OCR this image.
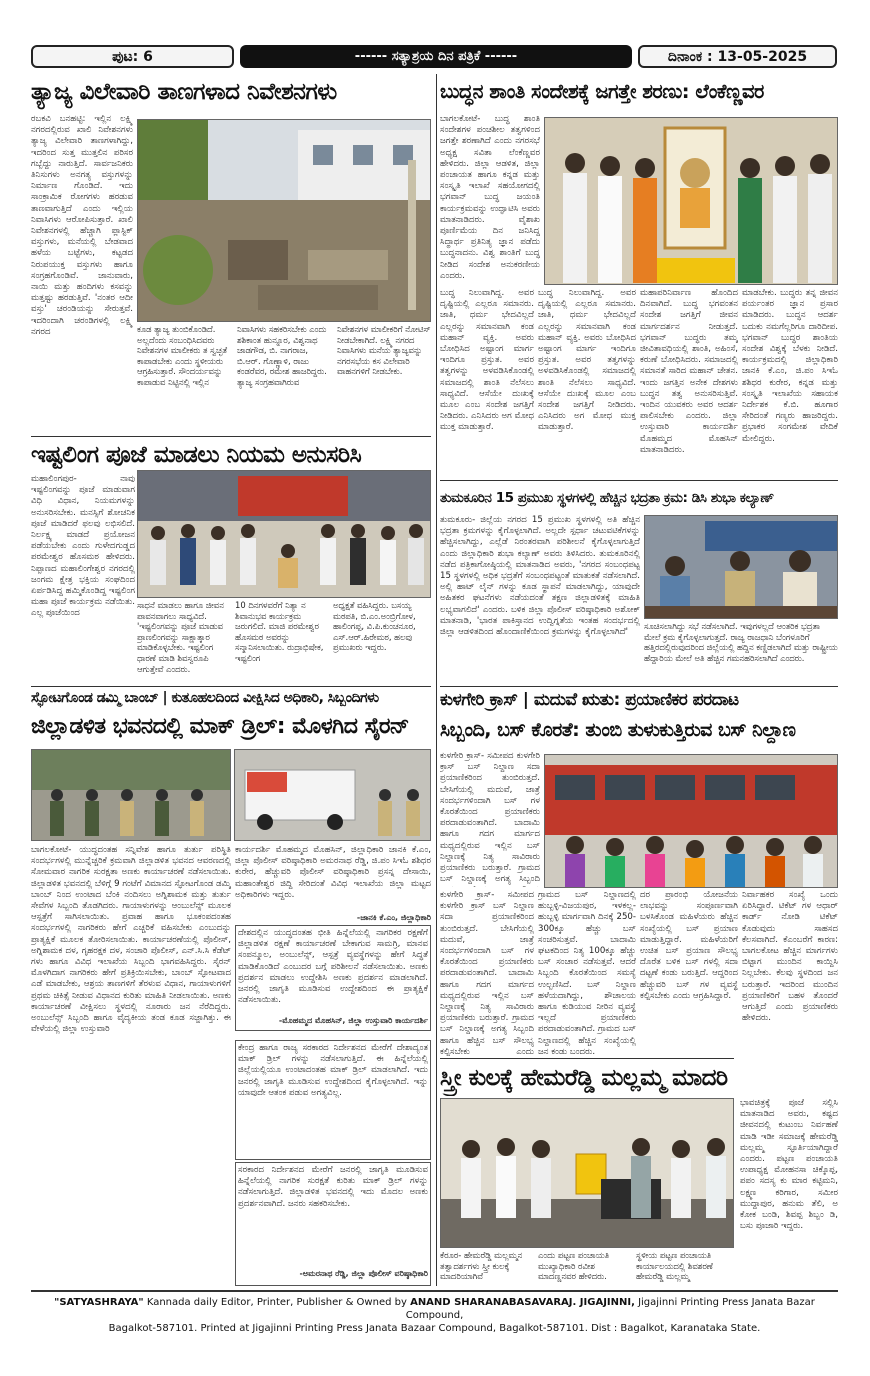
ಪುಟ: 6	------ ಸತ್ಯಾಶ್ರಯ ದಿನ ಪತ್ರಿಕೆ ------	ದಿನಾಂಕ : 13-05-2025
ತ್ಯಾಜ್ಯ ವಿಲೇವಾರಿ ತಾಣಗಳಾದ ನಿವೇಶನಗಳು
ರಬಕವಿ ಬನಹಟ್ಟಿ: ಇಲ್ಲಿನ ಲಕ್ಷ್ಮಿ ನಗರದಲ್ಲಿರುವ ಖಾಲಿ ನಿವೇಶನಗಳು ತ್ಯಾಜ್ಯ ವಿಲೇವಾರಿ ತಾಣಗಳಾಗಿದ್ದು, ಇದರಿಂದ ಸುತ್ತ ಮುತ್ತಲಿನ ಪರಿಸರ ಗಬ್ಬೆದ್ದು ನಾರುತ್ತಿದೆ. ಸಾರ್ವಜನಿಕರು ತಿನಿಸುಗಳು ಅನಗತ್ಯ ವಸ್ತುಗಳನ್ನು ನಿರ್ಮಾಣ ಗೊಂಡಿದೆ. ಇದು ಸಾಂಕ್ರಾಮಿಕ ರೋಗಗಳು ಹರಡುವ ತಾಣವಾಗುತ್ತಿದೆ ಎಂದು ಇಲ್ಲಿಯ ನಿವಾಸಿಗಳು ಆರೋಪಿಸುತ್ತಾರೆ. ಖಾಲಿ ನಿವೇಶನಗಳಲ್ಲಿ ಹೆಚ್ಚಾಗಿ ಪ್ಲಾಸ್ಟಿಕ್ ವಸ್ತುಗಳು, ಮನೆಯಲ್ಲಿ ಬೇಡವಾದ ಹಳೆಯ ಬಟ್ಟೆಗಳು, ಕಟ್ಟಡದ ನಿರುಪಯುಕ್ತ ವಸ್ತುಗಳು ಹಾಗೂ ಸಂಗ್ರಹಗೊಂಡಿವೆ. ಜಾನುವಾರು, ನಾಯಿ ಮತ್ತು ಹಂದಿಗಳು ಕಸವನ್ನು ಮತ್ತಷ್ಟು ಹರಡುತ್ತಿವೆ. 'ನಂತರ ಆದೀ ವಸ್ತು' ಚರಂಡಿಯನ್ನು ಸೇರುತ್ತವೆ. ಇದರಿಂದಾಗಿ ಚರಂಡಿಗಳಲ್ಲಿ ಲಕ್ಷ್ಮಿ ನಗರದ	ಕೂಡ ತ್ಯಾಜ್ಯ ತುಂಬಿಕೊಂಡಿದೆ. ಅಲ್ಲದೆಂದು ಸಂಬಂಧಿಸಿದವರು ನಿವೇಶನಗಳ ಮಾಲೀಕರು ತ ಸ್ವಚ್ಛತೆ ಕಾಪಾಡಬೇಕು ಎಂದು ಸ್ಥಳೀಯರು ಆಗ್ರಹಿಸುತ್ತಾರೆ. ಸೌಂದರ್ಯವನ್ನು ಕಾಪಾಡುವ ನಿಟ್ಟಿನಲ್ಲಿ ಇಲ್ಲಿನ ನಿವಾಸಿಗಳು ಸಹಕರಿಸಬೇಕು ಎಂದು ಶಶಿಕಾಂತ ಹುನ್ನೂರ, ವಿಶ್ವನಾಥ ಜಾಡಗೌಡ, ಬಿ. ನಾಗರಾಜ, ಬಿ.ಆರ್. ಗೊಣ್ಣಾಳಿ, ರಾಜು ಕಂಡರೆವರ, ರಮೇಶ ಹಾಜರಿದ್ದರು. ತ್ಯಾಜ್ಯ ಸಂಗ್ರಹವಾಗಿರುವ ನಿವೇಶನಗಳ ಮಾಲೀಕರಿಗೆ ನೋಟಿಸ್ ನೀಡಬೇಕಾಗಿದೆ. ಲಕ್ಷ್ಮಿ ನಗರದ ನಿವಾಸಿಗಳು ಮನೆಯ ತ್ಯಾಜ್ಯವನ್ನು ನಗರಸಭೆಯ ಕಸ ವಿಲೇವಾರಿ ವಾಹನಗಳಿಗೆ ನೀಡಬೇಕು.
ಇಷ್ಟಲಿಂಗ ಪೂಜೆ ಮಾಡಲು ನಿಯಮ ಅನುಸರಿಸಿ
ಮಹಾಲಿಂಗಪುರ- ನಾವು ಇಷ್ಟಲಿಂಗವನ್ನು ಪೂಜೆ ಮಾಡುವಾಗ ವಿಧಿ ವಿಧಾನ, ನಿಯಮಗಳನ್ನು ಅನುಸರಿಸಬೇಕು. ಮನಸ್ಸಿಗೆ ಶೋಚನಿಕ ಪೂಜೆ ಮಾಡಿದರೆ ಫಲವು ಲಭಿಸಲಿದೆ. ನಿರ್ಲಕ್ಷ್ಯ ಮಾಡದೆ ಪ್ರಯೋಜನ ಪಡೆಯಬೇಕು ಎಂದು ಗುಳೇದಗುಡ್ಡದ ಪರಮೇಶ್ವರ ಹೊಸಮಠ ಹೇಳಿದರು. ನಿಪ್ಪಾಣದ ಮಹಾಲಿಂಗೇಶ್ವರ ನಗರದಲ್ಲಿ ಜಂಗಮ ಕ್ಷೇತ್ರ ಭಕ್ತಿಯ ಸಂಘದಿಂದ ಏರ್ಪಡಿಸಿದ್ದ ಹಮ್ಮಿಕೊಂಡಿದ್ದ ಇಷ್ಟಲಿಂಗ ಮಹಾ ಪೂಜೆ ಕಾರ್ಯಕ್ರಮ ನಡೆಯಿತು. ಎಲ್ಲ ಪೂಜೆಯಿಂದ
ಸಾಧನೆ ಮಾಡಲು ಹಾಗೂ ಜೀವನ ಪಾವನವಾಗಲು ಸಾಧ್ಯವಿದೆ. 'ಇಷ್ಟಲಿಂಗವನ್ನು ಪೂಜೆ ಮಾಡುವ ಪ್ರಾಣಲಿಂಗವನ್ನು ಸಾಕ್ಷಾತ್ಕಾರ ಮಾಡಿಕೊಳ್ಳಬೇಕು. ಇಷ್ಟಲಿಂಗ ಧಾರಣೆ ಮಾಡಿ ಶಿವಸ್ವರೂಪಿ ಆಗುತ್ತೇವೆ ಎಂದರು.
10 ದಿನಗಳವರೆಗೆ ನಿತ್ಯಾ ನ ಶಿವಾನುಭವ ಕಾರ್ಯಕ್ರಮ ಜರುಗಲಿದೆ. ಮಾಜಿ ಪರಮೇಶ್ವರ ಹೊಸಮಠ ಅವರನ್ನು ಸನ್ಮಾನಿಸಲಾಯಿತು. ರುದ್ರಾಭಿಷೇಕ, ಇಷ್ಟಲಿಂಗ
ಅಧ್ಯಕ್ಷತೆ ವಹಿಸಿದ್ದರು. ಬಸಯ್ಯ ಮಠಪತಿ, ಬಿ.ಎಂ.ಅಂಬ್ರಿಗೋಳ, ಹಾಲಿಂಗಪ್ಪ, ವಿ.ಪಿ.ಕುಂಚನೂರ, ಎಸ್.ಆರ್.ಹಿರೇಮಠ, ಹಲವು ಪ್ರಮುಖರು ಇದ್ದರು.
ಸ್ಫೋಟಗೊಂಡ ಡಮ್ಮಿ ಬಾಂಬ್ | ಕುತೂಹಲದಿಂದ ವೀಕ್ಷಿಸಿದ ಅಧಿಕಾರಿ, ಸಿಬ್ಬಂದಿಗಳು
ಜಿಲ್ಲಾಡಳಿತ ಭವನದಲ್ಲಿ ಮಾಕ್ ಡ್ರಿಲ್: ಮೊಳಗಿದ ಸೈರನ್
ಬಾಗಲಕೋಟೆ- ಯುದ್ಧದಂತಹ ಸನ್ನಿವೇಶ ಹಾಗೂ ತುರ್ತು ಪರಿಸ್ಥಿತಿ ಸಂದರ್ಭಗಳಲ್ಲಿ ಮುನ್ನೆಚ್ಚರಿಕೆ ಕ್ರಮವಾಗಿ ಜಿಲ್ಲಾಡಳಿತ ಭವನದ ಆವರಣದಲ್ಲಿ ಸೋಮವಾರ ನಾಗರಿಕ ಸುರಕ್ಷತಾ ಅಣಕು ಕಾರ್ಯಾಚರಣೆ ನಡೆಸಲಾಯಿತು. ಜಿಲ್ಲಾಡಳಿತ ಭವನದಲ್ಲಿ ಬೆಳಿಗ್ಗೆ 9 ಗಂಟೆಗೆ ವಿಮಾನದ ಸ್ಫೋಟಗೊಂಡ ಡಮ್ಮಿ ಬಾಂಬ್ ನಿಂದ ಉಂಟಾದ ಬೆಂಕಿ ನಂದಿಸಲು ಅಗ್ನಿಶಾಮಕ ಮತ್ತು ತುರ್ತು ಸೇವೆಗಳ ಸಿಬ್ಬಂದಿ ತೊಡಗಿದರು. ಗಾಯಾಳುಗಳನ್ನು ಆಂಬುಲೆನ್ಸ್ ಮೂಲಕ ಆಸ್ಪತ್ರೆಗೆ ಸಾಗಿಸಲಾಯಿತು. ಪ್ರವಾಹ ಹಾಗೂ ಭೂಕಂಪದಂತಹ ಸಂದರ್ಭಗಳಲ್ಲಿ ನಾಗರಿಕರು ಹೇಗೆ ಎಚ್ಚರಿಕೆ ವಹಿಸಬೇಕು ಎಂಬುದನ್ನು ಪ್ರಾತ್ಯಕ್ಷಿಕೆ ಮೂಲಕ ತೋರಿಸಲಾಯಿತು. ಕಾರ್ಯಾಚರಣೆಯಲ್ಲಿ ಪೊಲೀಸ್, ಅಗ್ನಿಶಾಮಕ ದಳ, ಗೃಹರಕ್ಷಕ ದಳ, ಸಂಚಾರಿ ಪೊಲೀಸ್, ಎನ್.ಸಿ.ಸಿ ಕೆಡೆಟ್ ಗಳು ಹಾಗೂ ವಿವಿಧ ಇಲಾಖೆಯ ಸಿಬ್ಬಂದಿ ಭಾಗವಹಿಸಿದ್ದರು. ಸೈರನ್ ಮೊಳಗಿದಾಗ ನಾಗರಿಕರು ಹೇಗೆ ಪ್ರತಿಕ್ರಿಯಿಸಬೇಕು, ಬಾಂಬ್ ಸ್ಫೋಟವಾದ ಎಡೆ ಮಾಡಬೇಕು, ಆಶ್ರಯ ತಾಣಗಳಿಗೆ ತೆರಳುವ ವಿಧಾನ, ಗಾಯಾಳುಗಳಿಗೆ ಪ್ರಥಮ ಚಿಕಿತ್ಸೆ ನೀಡುವ ವಿಧಾನದ ಕುರಿತು ಮಾಹಿತಿ ನೀಡಲಾಯಿತು. ಅಣಕು ಕಾರ್ಯಾಚರಣೆ ವೀಕ್ಷಿಸಲು ಸ್ಥಳದಲ್ಲಿ ನೂರಾರು ಜನ ನೆರೆದಿದ್ದರು. ಅಂಬುಲೆನ್ಸ್ ಸಿಬ್ಬಂದಿ ಹಾಗೂ ವೈದ್ಯಕೀಯ ತಂಡ ಕೂಡ ಸಜ್ಜಾಗಿತ್ತು. ಈ ವೇಳೆಯಲ್ಲಿ ಜಿಲ್ಲಾ ಉಸ್ತುವಾರಿ
ಕಾರ್ಯದರ್ಶಿ ಮೊಹಮ್ಮದ ಮೊಹಸಿನ್, ಜಿಲ್ಲಾಧಿಕಾರಿ ಜಾನಕಿ ಕೆ.ಎಂ, ಜಿಲ್ಲಾ ಪೊಲೀಸ್ ವರಿಷ್ಠಾಧಿಕಾರಿ ಅಮರನಾಥ ರೆಡ್ಡಿ, ಜಿ.ಪಂ ಸಿಇಓ ಶಶಿಧರ ಕುರೇರ, ಹೆಚ್ಚುವರಿ ಪೊಲೀಸ್ ವರಿಷ್ಠಾಧಿಕಾರಿ ಪ್ರಸನ್ನ ದೇಸಾಯಿ, ಮಹಾಂತೇಶ್ವರ ಜಿದ್ದಿ ಸೇರಿದಂತೆ ವಿವಿಧ ಇಲಾಖೆಯ ಜಿಲ್ಲಾ ಮಟ್ಟದ ಅಧಿಕಾರಿಗಳು ಇದ್ದರು.
-ಜಾನಕಿ ಕೆ.ಎಂ, ಜಿಲ್ಲಾಧಿಕಾರಿ
ದೇಶದಲ್ಲಿನ ಯುದ್ಧದಂತಹ ಭೀತಿ ಹಿನ್ನೆಲೆಯಲ್ಲಿ ನಾಗರಿಕರ ರಕ್ಷಣೆಗೆ ಜಿಲ್ಲಾಡಳಿತ ರಕ್ಷಣೆ ಕಾರ್ಯಾಚರಣೆ ಬೇಕಾಗುವ ಸಾಮಗ್ರಿ, ಮಾನವ ಸಂಪನ್ಮೂಲ, ಅಂಬುಲೆನ್ಸ್, ಆಸ್ಪತ್ರೆ ವ್ಯವಸ್ಥೆಗಳನ್ನು ಹೇಗೆ ಸಿದ್ಧತೆ ಮಾಡಿಕೊಂಡಿದೆ ಎಂಬುದರ ಬಗ್ಗೆ ಪರಿಶೀಲನೆ ನಡೆಸಲಾಯಿತು. ಅಣಕು ಪ್ರದರ್ಶನ ಮಾಡಲು ಉದ್ದೇಶಿಸಿ ಅಣಕು ಪ್ರದರ್ಶನ ಮಾಡಲಾಗಿದೆ. ಜನರಲ್ಲಿ ಜಾಗೃತಿ ಮೂಡಿಸುವ ಉದ್ದೇಶದಿಂದ ಈ ಪ್ರಾತ್ಯಕ್ಷಿಕೆ ನಡೆಸಲಾಯಿತು.
-ಮೊಹಮ್ಮದ ಮೊಹಸಿನ್, ಜಿಲ್ಲಾ ಉಸ್ತುವಾರಿ ಕಾರ್ಯದರ್ಶಿ
ಕೇಂದ್ರ ಹಾಗೂ ರಾಜ್ಯ ಸರಕಾರದ ನಿರ್ದೇಶನದ ಮೇರೆಗೆ ದೇಶಾದ್ಯಂತ ಮಾಕ್ ಡ್ರಿಲ್ ಗಳನ್ನು ನಡೆಸಲಾಗುತ್ತಿದೆ. ಈ ಹಿನ್ನೆಲೆಯಲ್ಲಿ ಜಿಲ್ಲೆಯಲ್ಲಿಯೂ ಉಂಟಾದಂತಹ ಮಾಕ್ ಡ್ರಿಲ್ ಮಾಡಲಾಗಿದೆ. ಇದು ಜನರಲ್ಲಿ ಜಾಗೃತಿ ಮೂಡಿಸುವ ಉದ್ದೇಶದಿಂದ ಕೈಗೊಳ್ಳಲಾಗಿದೆ. ಇನ್ನು ಯಾವುದೇ ಆತಂಕ ಪಡುವ ಅಗತ್ಯವಿಲ್ಲ.
ಸರಕಾರದ ನಿರ್ದೇಶನದ ಮೇರೆಗೆ ಜನರಲ್ಲಿ ಜಾಗೃತಿ ಮೂಡಿಸುವ ಹಿನ್ನೆಲೆಯಲ್ಲಿ ನಾಗರಿಕ ಸುರಕ್ಷತೆ ಕುರಿತು ಮಾಕ್ ಡ್ರಿಲ್ ಗಳನ್ನು ನಡೆಸಲಾಗುತ್ತಿದೆ. ಜಿಲ್ಲಾಡಳಿತ ಭವನದಲ್ಲಿ ಇದು ಮೊದಲ ಅಣಕು ಪ್ರದರ್ಶನವಾಗಿದೆ. ಜನರು ಸಹಕರಿಸಬೇಕು.
-ಅಮರನಾಥ ರೆಡ್ಡಿ, ಜಿಲ್ಲಾ ಪೊಲೀಸ್ ವರಿಷ್ಠಾಧಿಕಾರಿ
ಬುದ್ಧನ ಶಾಂತಿ ಸಂದೇಶಕ್ಕೆ ಜಗತ್ತೇ ಶರಣು: ಲೆಂಕೆಣ್ಣವರ
ಬಾಗಲಕೋಟೆ- ಬುದ್ಧ ಶಾಂತಿ ಸಂದೇಶಗಳ ಪಂಚಶೀಲ ತತ್ವಗಳಿಂದ ಜಗತ್ತೇ ಶರಣಾಗಿದೆ ಎಂದು ನಗರಸಭೆ ಅಧ್ಯಕ್ಷ ಸವಿತಾ ಲೆಂಕೆಣ್ಣವರ ಹೇಳಿದರು. ಜಿಲ್ಲಾ ಆಡಳಿತ, ಜಿಲ್ಲಾ ಪಂಚಾಯತ ಹಾಗೂ ಕನ್ನಡ ಮತ್ತು ಸಂಸ್ಕೃತಿ ಇಲಾಖೆ ಸಹಯೋಗದಲ್ಲಿ ಭಗವಾನ್ ಬುದ್ಧ ಜಯಂತಿ ಕಾರ್ಯಕ್ರಮವನ್ನು ಉದ್ಘಾಟಿಸಿ ಅವರು ಮಾತನಾಡಿದರು. ವೈಶಾಖ ಪೂರ್ಣಿಮೆಯ ದಿನ ಜನಿಸಿದ್ದ ಸಿದ್ಧಾರ್ಥ ಪ್ರತಿನಿತ್ಯ ಜ್ಞಾನ ಪಡೆದು ಬುದ್ಧನಾದನು. ವಿಶ್ವ ಶಾಂತಿಗೆ ಬುದ್ಧ ನೀಡಿದ ಸಂದೇಶ ಅನುಕರಣೀಯ ಎಂದರು.
ಬುದ್ಧ ನಿಲುವಾಗಿದ್ದ. ಅವರ ದೃಷ್ಟಿಯಲ್ಲಿ ಎಲ್ಲರೂ ಸಮಾನರು. ಜಾತಿ, ಧರ್ಮ ಭೇದವಿಲ್ಲದೆ ಎಲ್ಲರನ್ನು ಸಮಾನವಾಗಿ ಕಂಡ ಮಹಾನ್ ವ್ಯಕ್ತಿ. ಅವರು ಬೋಧಿಸಿದ ಅಷ್ಟಾಂಗ ಮಾರ್ಗ ಇಂದಿಗೂ ಪ್ರಸ್ತುತ. ಅವರ ತತ್ವಗಳನ್ನು ಅಳವಡಿಸಿಕೊಂಡಲ್ಲಿ ಸಮಾಜದಲ್ಲಿ ಶಾಂತಿ ನೆಲೆಸಲು ಸಾಧ್ಯವಿದೆ. ಆಸೆಯೇ ದುಃಖಕ್ಕೆ ಮೂಲ ಎಂಬ ಸಂದೇಶ ಜಗತ್ತಿಗೆ ನೀಡಿದರು. ಎನಿಸಿದರು ಅಗ ಮೋಧ ಮುಕ್ತ ಮಾಡುತ್ತಾರೆ.
ಬುದ್ಧ ನಿಲುವಾಗಿದ್ದ. ಅವರ ದೃಷ್ಟಿಯಲ್ಲಿ ಎಲ್ಲರೂ ಸಮಾನರು. ಜಾತಿ, ಧರ್ಮ ಭೇದವಿಲ್ಲದೆ ಎಲ್ಲರನ್ನು ಸಮಾನವಾಗಿ ಕಂಡ ಮಹಾನ್ ವ್ಯಕ್ತಿ. ಅವರು ಬೋಧಿಸಿದ ಅಷ್ಟಾಂಗ ಮಾರ್ಗ ಇಂದಿಗೂ ಪ್ರಸ್ತುತ. ಅವರ ತತ್ವಗಳನ್ನು ಅಳವಡಿಸಿಕೊಂಡಲ್ಲಿ ಸಮಾಜದಲ್ಲಿ ಶಾಂತಿ ನೆಲೆಸಲು ಸಾಧ್ಯವಿದೆ. ಆಸೆಯೇ ದುಃಖಕ್ಕೆ ಮೂಲ ಎಂಬ ಸಂದೇಶ ಜಗತ್ತಿಗೆ ನೀಡಿದರು. ಎನಿಸಿದರು ಅಗ ಮೋಧ ಮುಕ್ತ ಮಾಡುತ್ತಾರೆ.
ಮಹಾಪರಿನಿರ್ವಾಣ ಹೊಂದಿದ ದಿನವಾಗಿದೆ. ಬುದ್ಧ ಭಗವಂತನ ಸಂದೇಶ ಜಗತ್ತಿಗೆ ಜೀವನ ಮಾರ್ಗದರ್ಶನ ನೀಡುತ್ತದೆ. ಭಗವಾನ್ ಬುದ್ಧರು ತಮ್ಮ ಜೀವಿತಾವಧಿಯಲ್ಲಿ ಶಾಂತಿ, ಅಹಿಂಸೆ, ಕರುಣೆ ಬೋಧಿಸಿದರು. ಸಮಾಜದಲ್ಲಿ ಸಮಾನತೆ ಸಾರಿದ ಮಹಾನ್ ಚೇತನ. ಇಂದು ಜಗತ್ತಿನ ಅನೇಕ ದೇಶಗಳು ಬುದ್ಧನ ತತ್ವ ಅನುಸರಿಸುತ್ತಿವೆ. ಇಂದಿನ ಯುವಕರು ಅವರ ಆದರ್ಶ ಪಾಲಿಸಬೇಕು ಎಂದರು. ಜಿಲ್ಲಾ ಉಸ್ತುವಾರಿ ಕಾರ್ಯದರ್ಶಿ ಮೊಹಮ್ಮದ ಮೊಹಸಿನ್ ಮಾತನಾಡಿದರು.
ಮಾಡಬೇಕು. ಬುದ್ಧರು ತನ್ನ ಜೀವನ ಪರ್ಯಂತರ ಜ್ಞಾನ ಪ್ರಸಾರ ಮಾಡಿದರು. ಬುದ್ಧನ ಆದರ್ಶ ಬದುಕು ನಮಗೆಲ್ಲರಿಗೂ ದಾರಿದೀಪ. ಭಗವಾನ್ ಬುದ್ಧರ ಶಾಂತಿಯ ಸಂದೇಶ ವಿಶ್ವಕ್ಕೆ ಬೆಳಕು ನೀಡಿದೆ. ಕಾರ್ಯಕ್ರಮದಲ್ಲಿ ಜಿಲ್ಲಾಧಿಕಾರಿ ಜಾನಕಿ ಕೆ.ಎಂ, ಜಿ.ಪಂ ಸಿಇಓ ಶಶಿಧರ ಕುರೇರ, ಕನ್ನಡ ಮತ್ತು ಸಂಸ್ಕೃತಿ ಇಲಾಖೆಯ ಸಹಾಯಕ ನಿರ್ದೇಶಕ ಕೆ.ಬಿ. ಹೂಗಾರ ಸೇರಿದಂತೆ ಗಣ್ಯರು ಹಾಜರಿದ್ದರು. ಪ್ರಭಾಕರ ಸಂಗಮೇಶ ವೇದಿಕೆ ಮೇಲಿದ್ದರು.
ತುಮಕೂರಿನ 15 ಪ್ರಮುಖ ಸ್ಥಳಗಳಲ್ಲಿ ಹೆಚ್ಚಿನ ಭದ್ರತಾ ಕ್ರಮ: ಡಿಸಿ ಶುಭಾ ಕಲ್ಯಾಣ್
ತುಮಕೂರು- ಜಿಲ್ಲೆಯ ನಗರದ 15 ಪ್ರಮುಖ ಸ್ಥಳಗಳಲ್ಲಿ ಅತಿ ಹೆಚ್ಚಿನ ಭದ್ರತಾ ಕ್ರಮಗಳನ್ನು ಕೈಗೊಳ್ಳಲಾಗಿದೆ. ಅಲ್ಲದೇ ಸ್ಪರ್ಧಾ ಚಟುವಟಿಕೆಗಳನ್ನು ಹೆಚ್ಚಿಸಲಾಗಿದ್ದು, ಎಲ್ಲೆಡೆ ನಿರಂತರವಾಗಿ ಪರಿಶೀಲನೆ ಕೈಗೊಳ್ಳಲಾಗುತ್ತಿದೆ ಎಂದು ಜಿಲ್ಲಾಧಿಕಾರಿ ಶುಭಾ ಕಲ್ಯಾಣ್ ಅವರು ತಿಳಿಸಿದರು. ತುಮಕೂರಿನಲ್ಲಿ ನಡೆದ ಪತ್ರಿಕಾಗೋಷ್ಠಿಯಲ್ಲಿ ಮಾತನಾಡಿದ ಅವರು, 'ನಗರದ ಸಂಬಂಧಪಟ್ಟ 15 ಸ್ಥಳಗಳಲ್ಲಿ ಅಧಿಕ ಭದ್ರತೆಗೆ ಸಂಬಂಧಪಟ್ಟಂತೆ ಮಾತುಕತೆ ನಡೆಸಲಾಗಿದೆ. ಅಲ್ಲಿ ಹಾಟ್ ಲೈನ್ ಗಳನ್ನು ಕೂಡ ಸ್ಥಾಪನೆ ಮಾಡಲಾಗಿದ್ದು, ಯಾವುದೇ ಅಹಿತಕರ ಘಟನೆಗಳು ನಡೆಯದಂತೆ ತಕ್ಷಣ ಜಿಲ್ಲಾಡಳಿತಕ್ಕೆ ಮಾಹಿತಿ ಲಭ್ಯವಾಗಲಿದೆ' ಎಂದರು. ಬಳಿಕ ಜಿಲ್ಲಾ ಪೊಲೀಸ್ ವರಿಷ್ಠಾಧಿಕಾರಿ ಅಶೋಕ್ ಮಾತನಾಡಿ, 'ಭಾರತ ಪಾಕಿಸ್ತಾನದ ಉದ್ವಿಗ್ನತೆಯ ಇಂತಹ ಸಂದರ್ಭದಲ್ಲಿ ಜಿಲ್ಲಾ ಆಡಳಿತದಿಂದ ಹೊಂದಾಣಿಕೆಯಿಂದ ಕ್ರಮಗಳನ್ನು ಕೈಗೊಳ್ಳಲಾಗಿದೆ'
ಸೂಚಿಸಲಾಗಿದ್ದು ಸಭೆ ನಡೆಸಲಾಗಿದೆ. ಇವುಗಳಲ್ಲದೆ ಆಂತರಿಕ ಭದ್ರತಾ ಮೇಲೆ ಕ್ರಮ ಕೈಗೊಳ್ಳಲಾಗುತ್ತದೆ. ರಾಜ್ಯ ರಾಜಧಾನಿ ಬೆಂಗಳೂರಿಗೆ ಹತ್ತಿರದಲ್ಲಿರುವುದರಿಂದ ಜಿಲ್ಲೆಯಲ್ಲಿ ಹದ್ದಿನ ಕಣ್ಣಿಡಲಾಗಿದೆ ಮತ್ತು ರಾಷ್ಟ್ರೀಯ ಹೆದ್ದಾರಿಯ ಮೇಲೆ ಅತಿ ಹೆಚ್ಚಿನ ಗಮನಹರಿಸಲಾಗಿದೆ ಎಂದರು.
ಕುಳಗೇರಿ ಕ್ರಾಸ್ | ಮದುವೆ ಋತು: ಪ್ರಯಾಣಿಕರ ಪರದಾಟ
ಸಿಬ್ಬಂದಿ, ಬಸ್ ಕೊರತೆ: ತುಂಬಿ ತುಳುಕುತ್ತಿರುವ ಬಸ್ ನಿಲ್ದಾಣ
ಕುಳಗೇರಿ ಕ್ರಾಸ್- ಸಮೀಪದ ಕುಳಗೇರಿ ಕ್ರಾಸ್ ಬಸ್ ನಿಲ್ದಾಣ ಸದಾ ಪ್ರಯಾಣಿಕರಿಂದ ತುಂಬಿರುತ್ತದೆ. ಬೇಸಿಗೆಯಲ್ಲಿ ಮದುವೆ, ಜಾತ್ರೆ ಸಂದರ್ಭಗಳಿಂದಾಗಿ ಬಸ್ ಗಳ ಕೊರತೆಯಿಂದ ಪ್ರಯಾಣಿಕರು ಪರದಾಡುವಂತಾಗಿದೆ. ಬಾದಾಮಿ ಹಾಗೂ ಗದಗ ಮಾರ್ಗದ ಮಧ್ಯದಲ್ಲಿರುವ ಇಲ್ಲಿನ ಬಸ್ ನಿಲ್ದಾಣಕ್ಕೆ ನಿತ್ಯ ಸಾವಿರಾರು ಪ್ರಯಾಣಿಕರು ಬರುತ್ತಾರೆ. ಗ್ರಾಮದ ಬಸ್ ನಿಲ್ದಾಣಕ್ಕೆ ಅಗತ್ಯ ಸಿಬ್ಬಂದಿ
ಕುಳಗೇರಿ ಕ್ರಾಸ್- ಸಮೀಪದ ಕುಳಗೇರಿ ಕ್ರಾಸ್ ಬಸ್ ನಿಲ್ದಾಣ ಸದಾ ಪ್ರಯಾಣಿಕರಿಂದ ತುಂಬಿರುತ್ತದೆ. ಬೇಸಿಗೆಯಲ್ಲಿ ಮದುವೆ, ಜಾತ್ರೆ ಸಂದರ್ಭಗಳಿಂದಾಗಿ ಬಸ್ ಗಳ ಕೊರತೆಯಿಂದ ಪ್ರಯಾಣಿಕರು ಪರದಾಡುವಂತಾಗಿದೆ. ಬಾದಾಮಿ ಹಾಗೂ ಗದಗ ಮಾರ್ಗದ ಮಧ್ಯದಲ್ಲಿರುವ ಇಲ್ಲಿನ ಬಸ್ ನಿಲ್ದಾಣಕ್ಕೆ ನಿತ್ಯ ಸಾವಿರಾರು ಪ್ರಯಾಣಿಕರು ಬರುತ್ತಾರೆ. ಗ್ರಾಮದ ಬಸ್ ನಿಲ್ದಾಣಕ್ಕೆ ಅಗತ್ಯ ಸಿಬ್ಬಂದಿ ಹಾಗೂ ಹೆಚ್ಚಿನ ಬಸ್ ಸೌಲಭ್ಯ ಕಲ್ಪಿಸಬೇಕು ಎಂದು
ಗ್ರಾಮದ ಬಸ್ ನಿಲ್ದಾಣದಲ್ಲಿ ಹುಬ್ಬಳ್ಳಿ-ವಿಜಯಪುರ, ಇಳಕಲ್ಲ-ಹುಬ್ಬಳ್ಳಿ ಮಾರ್ಗವಾಗಿ ದಿನಕ್ಕೆ 250-300ಕ್ಕೂ ಹೆಚ್ಚು ಬಸ್ ಸಂಚರಿಸುತ್ತವೆ. ಬಾದಾಮಿ ಘಟಕದಿಂದ ನಿತ್ಯ 100ಕ್ಕೂ ಹೆಚ್ಚು ಬಸ್ ಸಂಚಾರ ನಡೆಸುತ್ತವೆ. ಆದರೆ ಸಿಬ್ಬಂದಿ ಕೊರತೆಯಿಂದ ಸಮಸ್ಯೆ ಉಲ್ಬಣಿಸಿದೆ. ಬಸ್ ನಿಲ್ದಾಣ ಹಳೆಯದಾಗಿದ್ದು, ಶೌಚಾಲಯ ಹಾಗೂ ಕುಡಿಯುವ ನೀರಿನ ವ್ಯವಸ್ಥೆ ಇಲ್ಲದೆ ಪ್ರಯಾಣಿಕರು ಪರದಾಡುವಂತಾಗಿದೆ. ಗ್ರಾಮದ ಬಸ್ ನಿಲ್ದಾಣದಲ್ಲಿ ಹೆಚ್ಚಿನ ಸಂಖ್ಯೆಯಲ್ಲಿ ಜನ ಕಂಡು ಬಂದರು.
ದರ ಪ್ರಾರಂಭಿ ಯೋಜನೆಯ ಲಾಭವನ್ನು ಸಂಪೂರ್ಣವಾಗಿ ಬಳಸಿಕೊಂಡ ಮಹಿಳೆಯರು ಹೆಚ್ಚಿನ ಸಂಖ್ಯೆಯಲ್ಲಿ ಬಸ್ ಪ್ರಯಾಣ ಮಾಡುತ್ತಿದ್ದಾರೆ. ಮಹಿಳೆಯರಿಗೆ ಉಚಿತ ಬಸ್ ಪ್ರಯಾಣ ಸೌಲಭ್ಯ ದೊರೆತ ಬಳಿಕ ಬಸ್ ಗಳಲ್ಲಿ ಸದಾ ದಟ್ಟಣೆ ಕಂಡು ಬರುತ್ತಿದೆ. ಆದ್ದರಿಂದ ಹೆಚ್ಚುವರಿ ಬಸ್ ಗಳ ವ್ಯವಸ್ಥೆ ಕಲ್ಪಿಸಬೇಕು ಎಂದು ಆಗ್ರಹಿಸಿದ್ದಾರೆ.
ನಿರ್ವಾಹಕರ ಸಂಖ್ಯೆ ಒಂದು ಏರಿಸಿದ್ದಾರೆ. ಟಿಕೆಟ್ ಗಳ ಆಧಾರ್ ಕಾರ್ಡ್ ನೋಡಿ ಟಿಕೆಟ್ ಕೊಡುವುದು ಸಾಹಸದ ಕೆಲಸವಾಗಿದೆ. ಕೆಎಂಬರೆಗೆ ಕಾರಣ: ಬಾಗಲಕೋಟ ಹೆಚ್ಚಿನ ಮಾರ್ಗಗಳು ಬಿಟ್ಟಾಗ ಮುಂದಿನ ಕಾಯ್ದಿಸಿ ನಿಲ್ಲಬೇಕು. ಕೆಲವು ಸ್ಥಳದಿಂದ ಜನ ಬರುತ್ತಾರೆ. ಇದರಿಂದ ಮುಂದಿನ ಪ್ರಯಾಣಿಕರಿಗೆ ಬಹಳ ತೊಂದರೆ ಆಗುತ್ತಿದೆ ಎಂದು ಪ್ರಯಾಣಿಕರು ಹೇಳಿದರು.
ಸ್ತ್ರೀ ಕುಲಕ್ಕೆ ಹೇಮರೆಡ್ಡಿ ಮಲ್ಲಮ್ಮ ಮಾದರಿ
ಕೆರೂರ- ಹೇಮರೆಡ್ಡಿ ಮಲ್ಲಮ್ಮನ ತತ್ವಾದರ್ಶಗಳು ಸ್ತ್ರೀ ಕುಲಕ್ಕೆ ಮಾದರಿಯಾಗಿವೆ
ಎಂದು ಪಟ್ಟಣ ಪಂಚಾಯತಿ ಮುಖ್ಯಾಧಿಕಾರಿ ರವೀಶ ಮಾದಣ್ಣನವರ ಹೇಳಿದರು.
ಸ್ಥಳೀಯ ಪಟ್ಟಣ ಪಂಚಾಯತಿ ಕಾರ್ಯಾಲಯದಲ್ಲಿ ಶಿವಶರಣೆ ಹೇಮರೆಡ್ಡಿ ಮಲ್ಲಮ್ಮ
ಭಾವಚಿತ್ರಕ್ಕೆ ಪೂಜೆ ಸಲ್ಲಿಸಿ ಮಾತನಾಡಿದ ಅವರು, ಕಷ್ಟದ ಜೀವನದಲ್ಲಿ ಕುಟುಂಬ ನಿರ್ವಹಣೆ ಮಾಡಿ ಇಡೀ ಸಮಾಜಕ್ಕೆ ಹೇಮರೆಡ್ಡಿ ಮಲ್ಲಮ್ಮ ಸ್ಫೂರ್ತಿಯಾಗಿದ್ದಾರೆ ಎಂದರು. ಪಟ್ಟಣ ಪಂಚಾಯತಿ ಉಪಾಧ್ಯಕ್ಷ ಮೋಹನಸಾ ಚಿಕ್ಕೊಪ್ಪ, ಪಪಂ ಸದಸ್ಯ ಕು ಮಾರ ಕಟ್ಟಿಮನಿ, ಲಕ್ಷ್ಮಣ ಕರಿಗಾರ, ಸಮೀರ ಮುದ್ದಾಪುರ, ಹನುಮ ತೆಲಿ, ಅ ಕೋಕ ಬಂಡಿ, ಶಿವಪ್ಪ ಶಿಬ್ಬಂ ಡಿ, ಬಸು ಪೂಜಾರಿ ಇದ್ದರು.
"SATYASHRAYA" Kannada daily Editor, Printer, Publisher & Owned by ANAND SHARANABASAVARAJ. JIGAJINNI, Jigajinni Printing Press Janata Bazar Compound,
Bagalkot-587101. Printed at Jigajinni Printing Press Janata Bazaar Compound, Bagalkot-587101. Dist : Bagalkot, Karanataka State.
